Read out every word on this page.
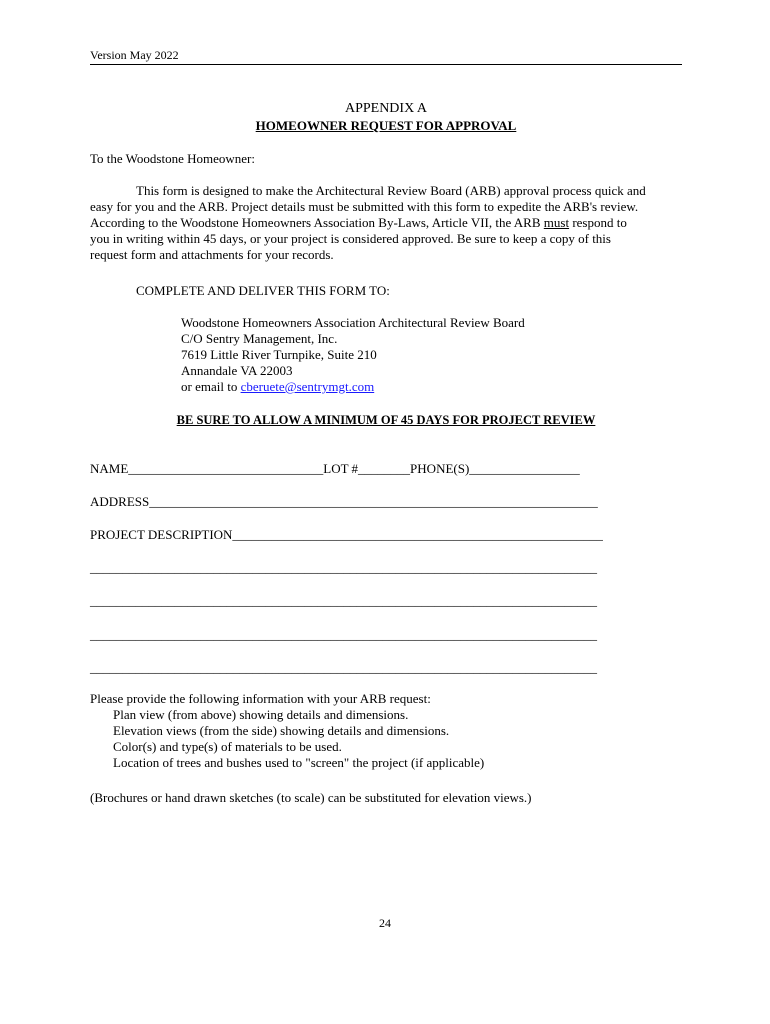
Version May 2022
APPENDIX A
HOMEOWNER REQUEST FOR APPROVAL
To the Woodstone Homeowner:
This form is designed to make the Architectural Review Board (ARB) approval process quick and
easy for you and the ARB. Project details must be submitted with this form to expedite the ARB's review.
According to the Woodstone Homeowners Association By-Laws, Article VII, the ARB must respond to
you in writing within 45 days, or your project is considered approved. Be sure to keep a copy of this
request form and attachments for your records.
COMPLETE AND DELIVER THIS FORM TO:
Woodstone Homeowners Association Architectural Review Board
C/O Sentry Management, Inc.
7619 Little River Turnpike, Suite 210
Annandale VA 22003
or email to cberuete@sentrymgt.com
BE SURE TO ALLOW A MINIMUM OF 45 DAYS FOR PROJECT REVIEW
NAME______________________________LOT #________PHONE(S)_________________
ADDRESS_____________________________________________________________________
PROJECT DESCRIPTION_________________________________________________________
______________________________________________________________________________
______________________________________________________________________________
______________________________________________________________________________
______________________________________________________________________________
Please provide the following information with your ARB request:
Plan view (from above) showing details and dimensions.
Elevation views (from the side) showing details and dimensions.
Color(s) and type(s) of materials to be used.
Location of trees and bushes used to "screen" the project (if applicable)
(Brochures or hand drawn sketches (to scale) can be substituted for elevation views.)
24
